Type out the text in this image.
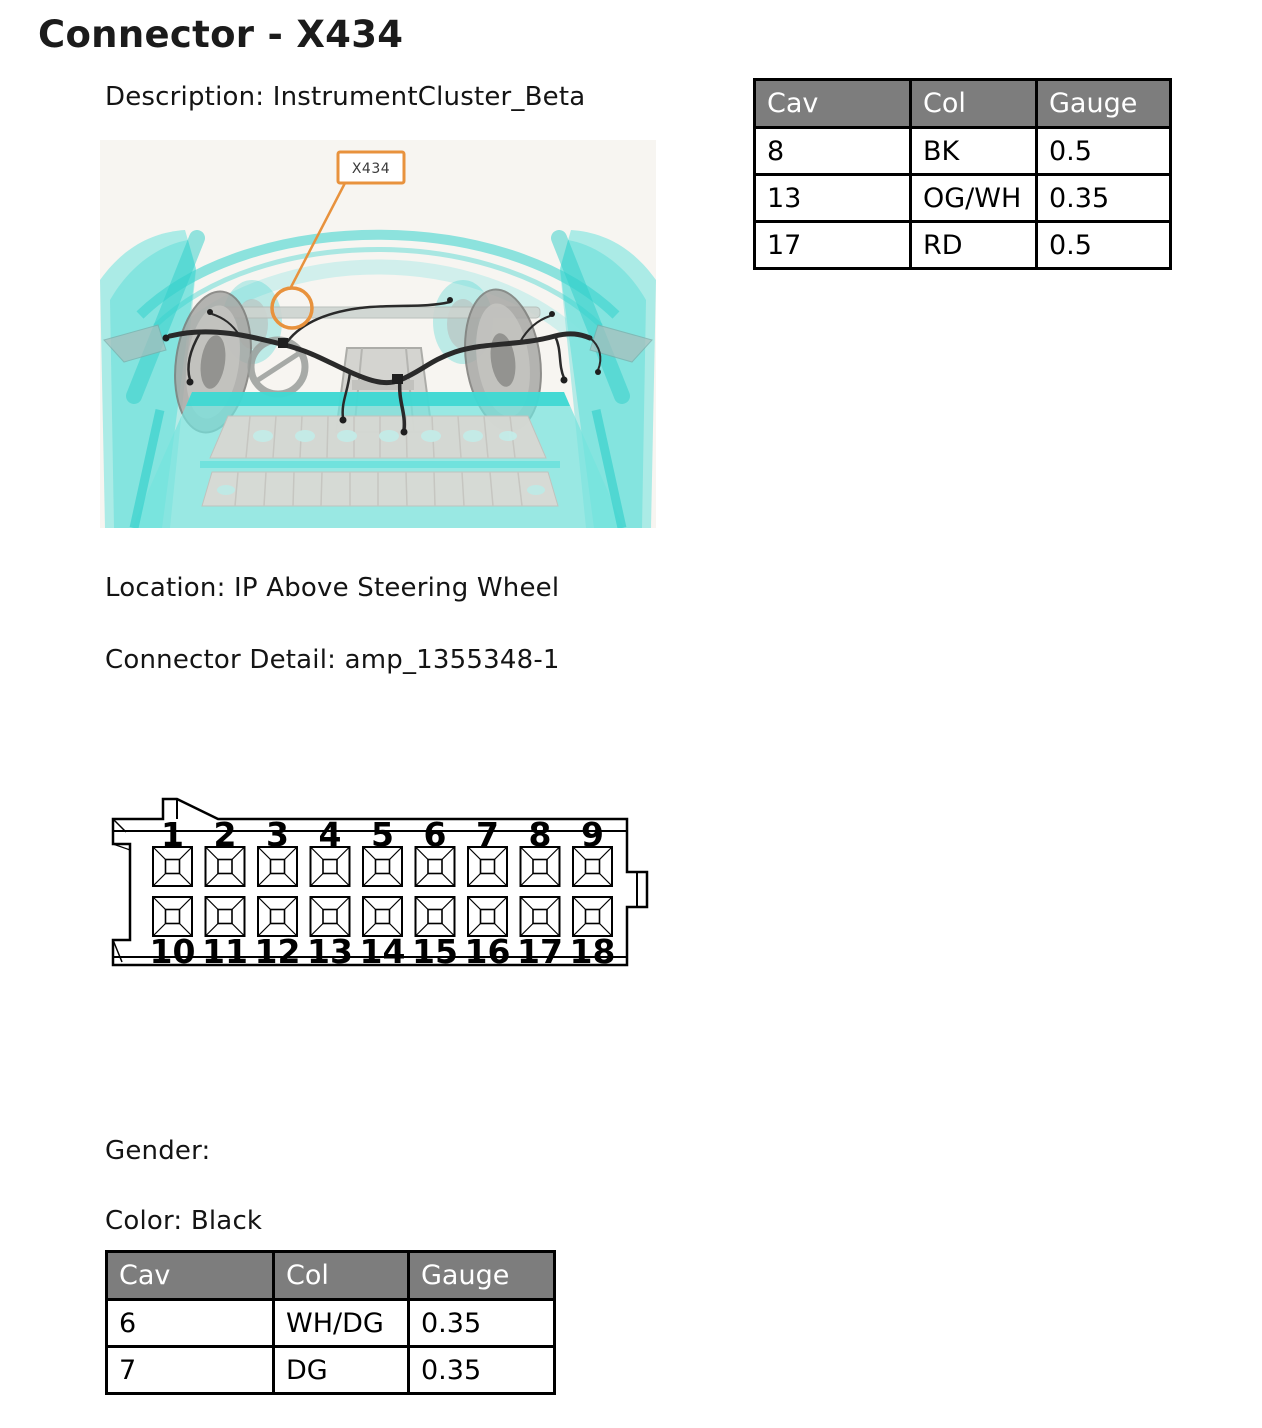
Connector - X434
Description: InstrumentCluster_Beta
X434
Cav	Col	Gauge
8	BK	0.5
13	OG/WH	0.35
17	RD	0.5
Location: IP Above Steering Wheel
Connector Detail: amp_1355348-1
1 2 3 4 5 6 7 8 9
10 11 12 13 14 15 16 17 18
Gender:
Color: Black
Cav	Col	Gauge
6	WH/DG	0.35
7	DG	0.35
